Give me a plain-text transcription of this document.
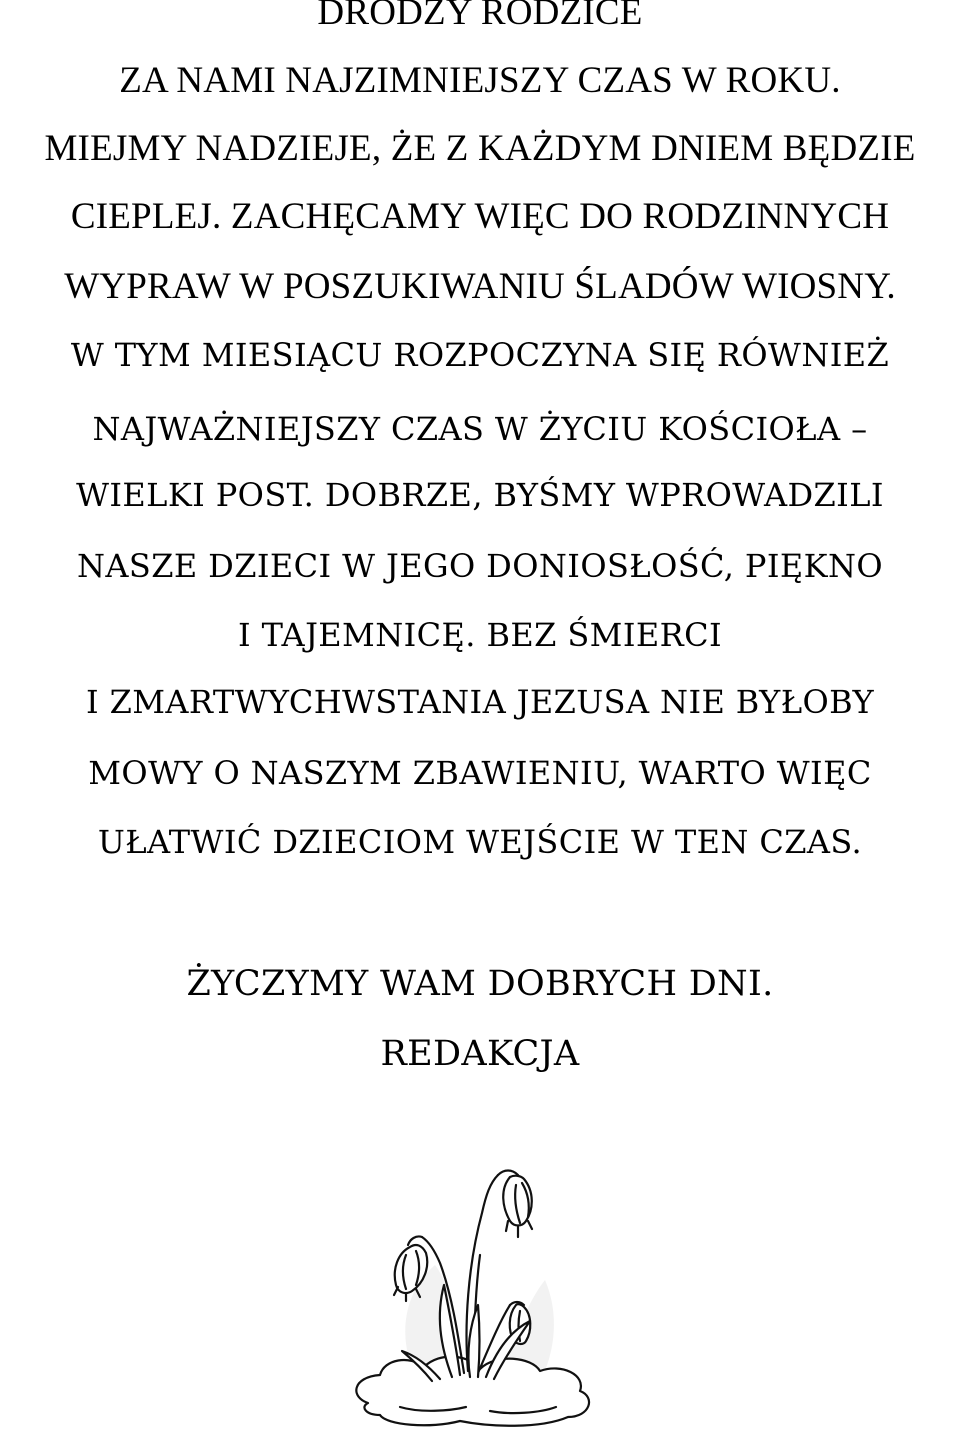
DRODZY RODZICE

ZA NAMI NAJZIMNIEJSZY CZAS W ROKU.

MIEJMY NADZIEJE, ŻE Z KAŻDYM DNIEM BĘDZIE

CIEPLEJ. ZACHĘCAMY WIĘC DO RODZINNYCH

WYPRAW W POSZUKIWANIU ŚLADÓW WIOSNY.

W TYM MIESIĄCU ROZPOCZYNA SIĘ RÓWNIEŻ

NAJWAŻNIEJSZY CZAS W ŻYCIU KOŚCIOŁA –

WIELKI POST. DOBRZE, BYŚMY WPROWADZILI

NASZE DZIECI W JEGO DONIOSŁOŚĆ, PIĘKNO

I TAJEMNICĘ. BEZ ŚMIERCI

I ZMARTWYCHWSTANIA JEZUSA NIE BYŁOBY

MOWY O NASZYM ZBAWIENIU, WARTO WIĘC

UŁATWIĆ DZIECIOM WEJŚCIE W TEN CZAS.

ŻYCZYMY WAM DOBRYCH DNI.

REDAKCJA
